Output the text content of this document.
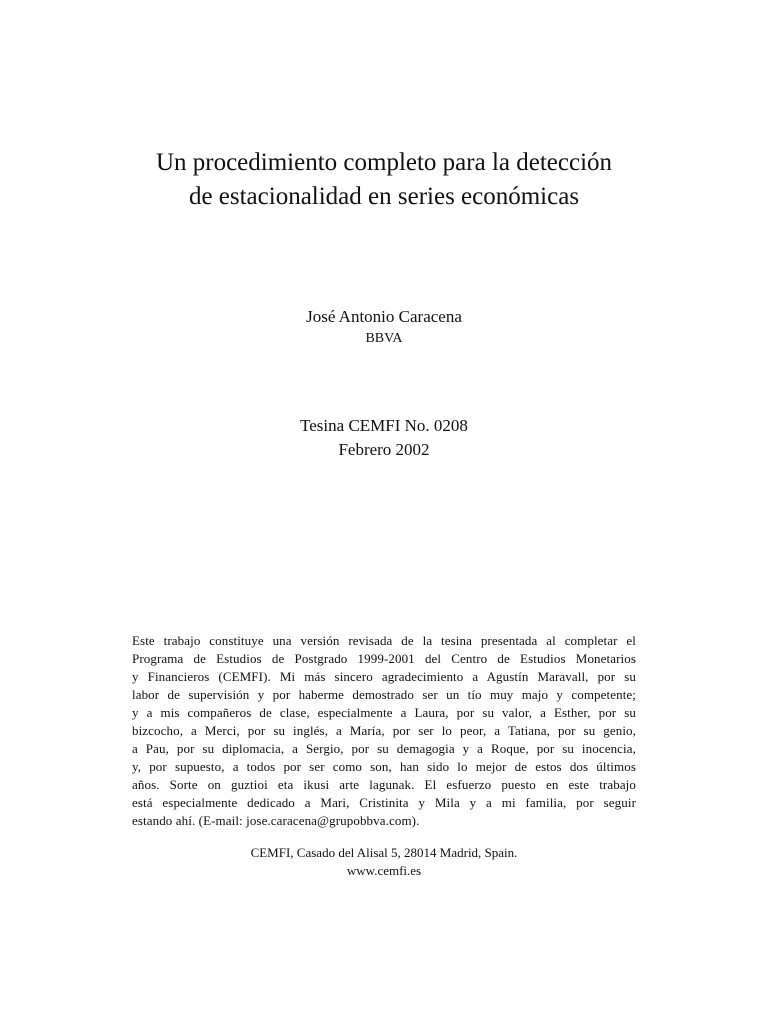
Un procedimiento completo para la detección
de estacionalidad en series económicas
José Antonio Caracena
BBVA
Tesina CEMFI No. 0208
Febrero 2002
Este trabajo constituye una versión revisada de la tesina presentada al completar el
Programa de Estudios de Postgrado 1999-2001 del Centro de Estudios Monetarios
y Financieros (CEMFI). Mi más sincero agradecimiento a Agustín Maravall, por su
labor de supervisión y por haberme demostrado ser un tío muy majo y competente;
y a mis compañeros de clase, especialmente a Laura, por su valor, a Esther, por su
bizcocho, a Merci, por su inglés, a María, por ser lo peor, a Tatiana, por su genio,
a Pau, por su diplomacia, a Sergio, por su demagogia y a Roque, por su inocencia,
y, por supuesto, a todos por ser como son, han sido lo mejor de estos dos últimos
años. Sorte on guztioi eta ikusi arte lagunak. El esfuerzo puesto en este trabajo
está especialmente dedicado a Mari, Cristinita y Mila y a mi familia, por seguir
estando ahí. (E-mail: jose.caracena@grupobbva.com).
CEMFI, Casado del Alisal 5, 28014 Madrid, Spain.
www.cemfi.es
